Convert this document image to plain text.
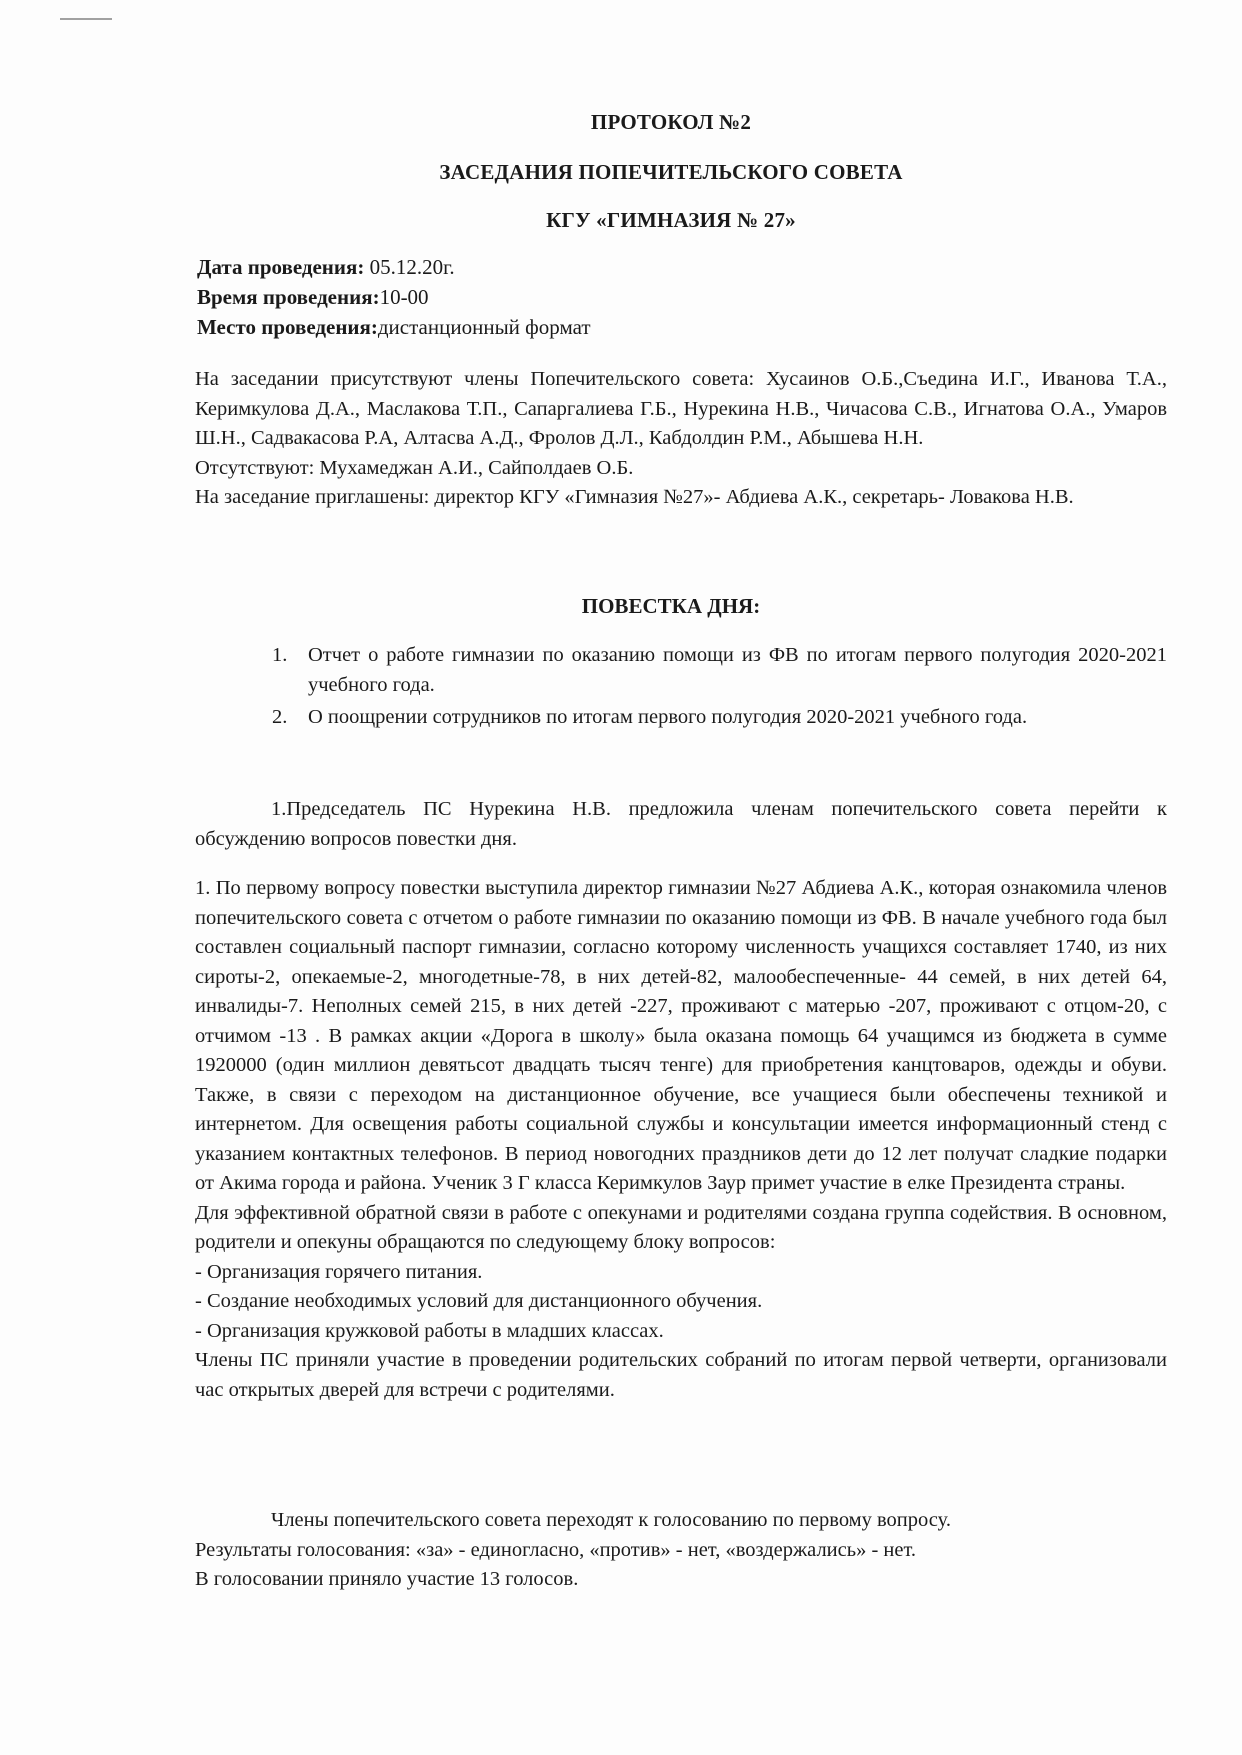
ПРОТОКОЛ №2
ЗАСЕДАНИЯ ПОПЕЧИТЕЛЬСКОГО СОВЕТА
КГУ «ГИМНАЗИЯ № 27»
Дата проведения: 05.12.20г.
Время проведения:10-00
Место проведения:дистанционный формат
На заседании присутствуют члены Попечительского совета: Хусаинов О.Б.,Съедина И.Г., Иванова Т.А., Керимкулова Д.А., Маслакова Т.П., Сапаргалиева Г.Б., Нурекина Н.В., Чичасова С.В., Игнатова О.А., Умаров Ш.Н., Садвакасова Р.А, Алтасва А.Д., Фролов Д.Л., Кабдолдин Р.М., Абышева Н.Н.
Отсутствуют: Мухамеджан А.И., Сайполдаев О.Б.
На заседание приглашены: директор КГУ «Гимназия №27»- Абдиева А.К., секретарь- Ловакова Н.В.
ПОВЕСТКА ДНЯ:
1. Отчет о работе гимназии по оказанию помощи из ФВ по итогам первого полугодия 2020-2021 учебного года.
2. О поощрении сотрудников по итогам первого полугодия 2020-2021 учебного года.
1.Председатель ПС Нурекина Н.В. предложила членам попечительского совета перейти к обсуждению вопросов повестки дня.
1. По первому вопросу повестки выступила директор гимназии №27 Абдиева А.К., которая ознакомила членов попечительского совета с отчетом о работе гимназии по оказанию помощи из ФВ. В начале учебного года был составлен социальный паспорт гимназии, согласно которому численность учащихся составляет 1740, из них сироты-2, опекаемые-2, многодетные-78, в них детей-82, малообеспеченные- 44 семей, в них детей 64, инвалиды-7. Неполных семей 215, в них детей -227, проживают с матерью -207, проживают с отцом-20, с отчимом -13 . В рамках акции «Дорога в школу» была оказана помощь 64 учащимся из бюджета в сумме 1920000 (один миллион девятьсот двадцать тысяч тенге) для приобретения канцтоваров, одежды и обуви. Также, в связи с переходом на дистанционное обучение, все учащиеся были обеспечены техникой и интернетом. Для освещения работы социальной службы и консультации имеется информационный стенд с указанием контактных телефонов. В период новогодних праздников дети до 12 лет получат сладкие подарки от Акима города и района. Ученик 3 Г класса Керимкулов Заур примет участие в елке Президента страны.
Для эффективной обратной связи в работе с опекунами и родителями создана группа содействия. В основном, родители и опекуны обращаются по следующему блоку вопросов:
- Организация горячего питания.
- Создание необходимых условий для дистанционного обучения.
- Организация кружковой работы в младших классах.
Члены ПС приняли участие в проведении родительских собраний по итогам первой четверти, организовали час открытых дверей для встречи с родителями.
Члены попечительского совета переходят к голосованию по первому вопросу.
Результаты голосования: «за» - единогласно, «против» - нет, «воздержались» - нет.
В голосовании приняло участие 13 голосов.
